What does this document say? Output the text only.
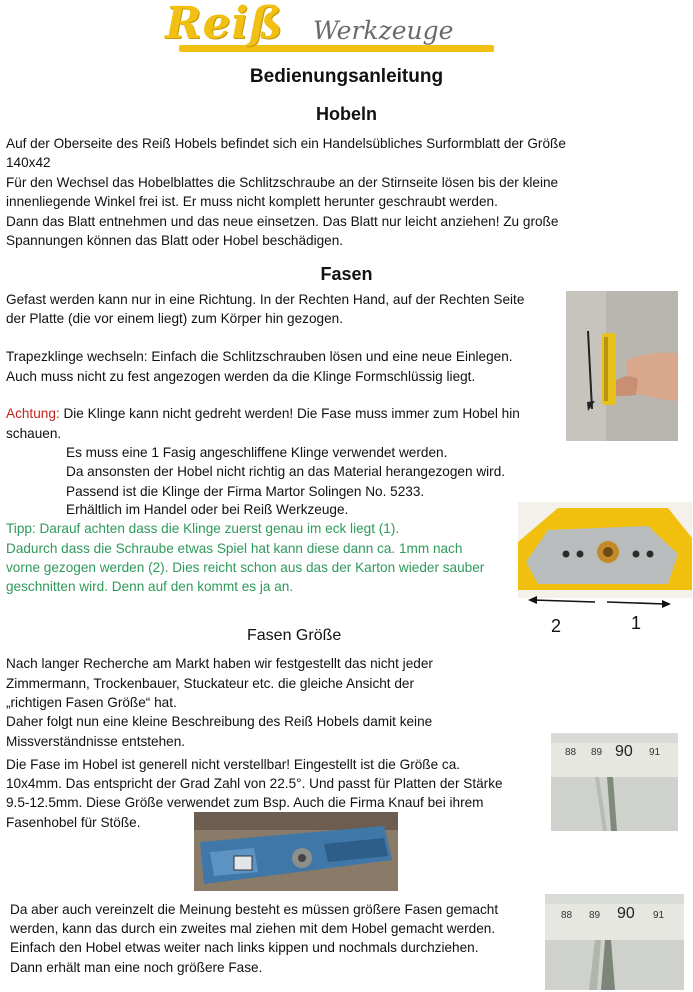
Reiß Werkzeuge
Bedienungsanleitung
Hobeln

Auf der Oberseite des Reiß Hobels befindet sich ein Handelsübliches Surformblatt der Größe

140x42

Für den Wechsel das Hobelblattes die Schlitzschraube an der Stirnseite lösen bis der kleine

innenliegende Winkel frei ist. Er muss nicht komplett herunter geschraubt werden.

Dann das Blatt entnehmen und das neue einsetzen. Das Blatt nur leicht anziehen! Zu große

Spannungen können das Blatt oder Hobel beschädigen.

Fasen

Gefast werden kann nur in eine Richtung. In der Rechten Hand, auf der Rechten Seite

der Platte (die vor einem liegt) zum Körper hin gezogen.

Trapezklinge wechseln: Einfach die Schlitzschrauben lösen und eine neue Einlegen.

Auch muss nicht zu fest angezogen werden da die Klinge Formschlüssig liegt.

Achtung: Die Klinge kann nicht gedreht werden! Die Fase muss immer zum Hobel hin

schauen.

Es muss eine 1 Fasig angeschliffene Klinge verwendet werden.

Da ansonsten der Hobel nicht richtig an das Material herangezogen wird.

Passend ist die Klinge der Firma Martor Solingen No. 5233.

Erhältlich im Handel oder bei Reiß Werkzeuge.

Tipp: Darauf achten dass die Klinge zuerst genau im eck liegt (1).

Dadurch dass die Schraube etwas Spiel hat kann diese dann ca. 1mm nach

vorne gezogen werden (2). Dies reicht schon aus das der Karton wieder sauber

geschnitten wird. Denn auf den kommt es ja an.

2	1
Fasen Größe

Nach langer Recherche am Markt haben wir festgestellt das nicht jeder

Zimmermann, Trockenbauer, Stuckateur etc. die gleiche Ansicht der

„richtigen Fasen Größe“ hat.

Daher folgt nun eine kleine Beschreibung des Reiß Hobels damit keine

Missverständnisse entstehen.

Die Fase im Hobel ist generell nicht verstellbar! Eingestellt ist die Größe ca.

10x4mm. Das entspricht der Grad Zahl von 22.5°. Und passt für Platten der Stärke

9.5-12.5mm. Diese Größe verwendet zum Bsp. Auch die Firma Knauf bei ihrem

Fasenhobel für Stöße.

88 89 90 91

Da aber auch vereinzelt die Meinung besteht es müssen größere Fasen gemacht

werden, kann das durch ein zweites mal ziehen mit dem Hobel gemacht werden.

Einfach den Hobel etwas weiter nach links kippen und nochmals durchziehen.

Dann erhält man eine noch größere Fase.

88 89 90 91
